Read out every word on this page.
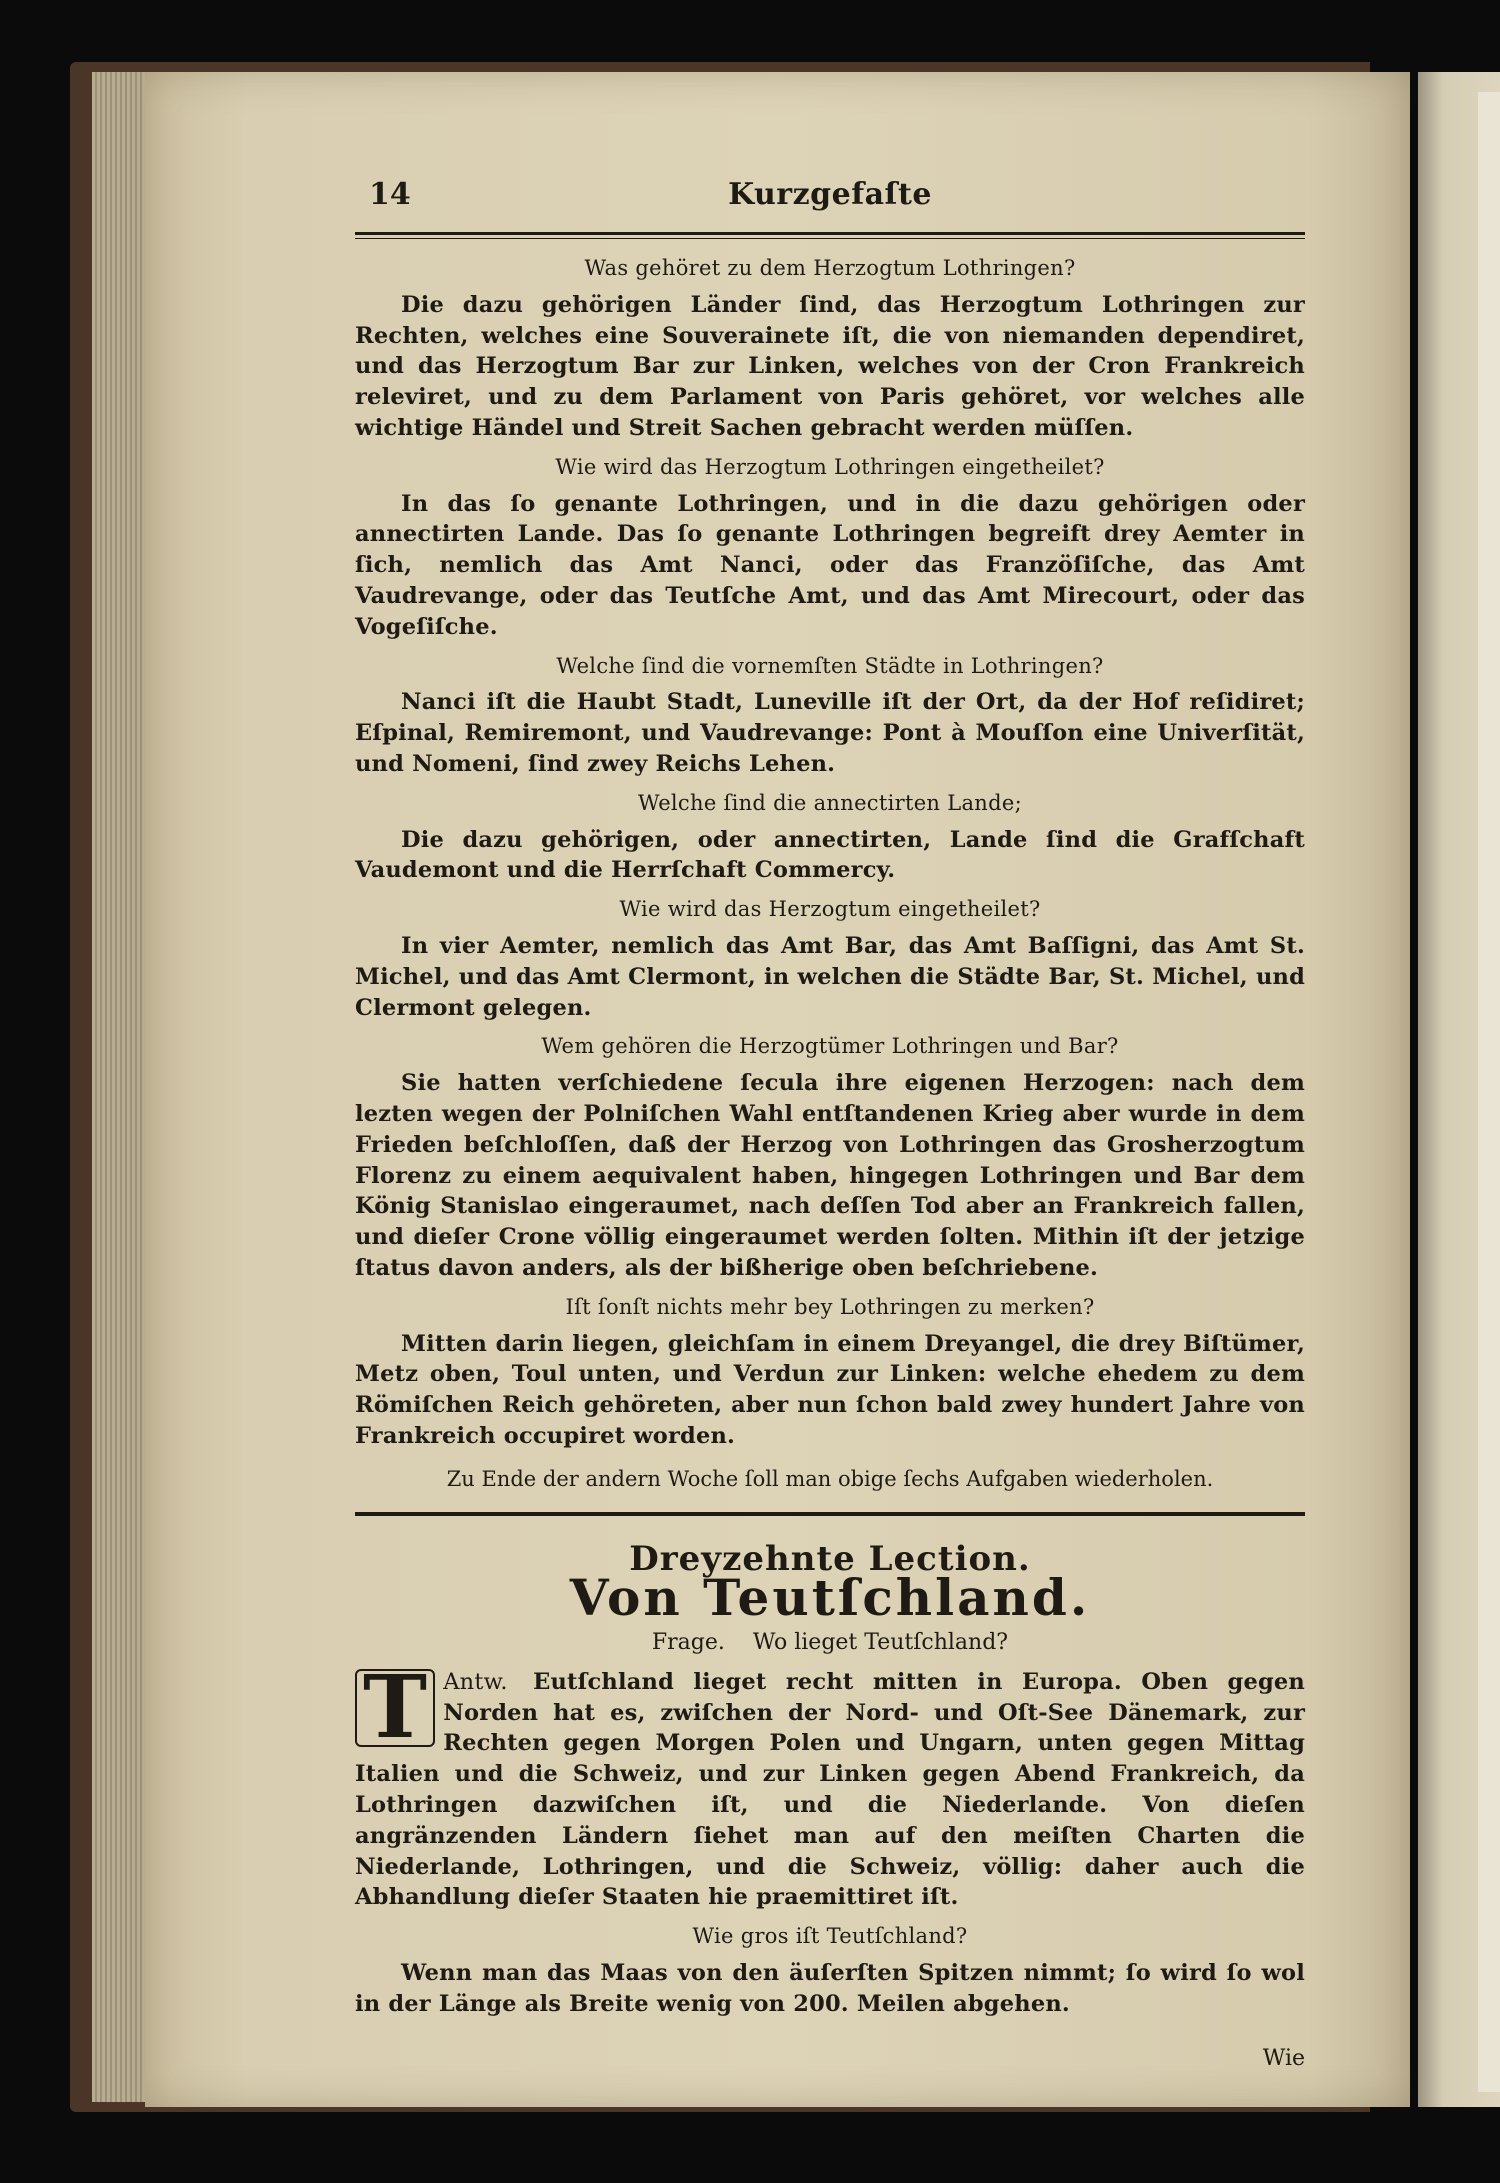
14	Kurzgefaſte
Was gehöret zu dem Herzogtum Lothringen?
Die dazu gehörigen Länder ſind, das Herzogtum Lothringen zur Rechten, welches eine Souverainete iſt, die von niemanden dependiret, und das Herzogtum Bar zur Linken, welches von der Cron Frankreich releviret, und zu dem Parlament von Paris gehöret, vor welches alle wichtige Händel und Streit Sachen gebracht werden müſſen.
Wie wird das Herzogtum Lothringen eingetheilet?
In das ſo genante Lothringen, und in die dazu gehörigen oder annectirten Lande. Das ſo genante Lothringen begreift drey Aemter in ſich, nemlich das Amt Nanci, oder das Franzöſiſche, das Amt Vaudrevange, oder das Teutſche Amt, und das Amt Mirecourt, oder das Vogeſiſche.
Welche ſind die vornemſten Städte in Lothringen?
Nanci iſt die Haubt Stadt, Luneville iſt der Ort, da der Hof reſidiret; Eſpinal, Remiremont, und Vaudrevange: Pont à Mouſſon eine Univerſität, und Nomeni, ſind zwey Reichs Lehen.
Welche ſind die annectirten Lande;
Die dazu gehörigen, oder annectirten, Lande ſind die Grafſchaft Vaudemont und die Herrſchaft Commercy.
Wie wird das Herzogtum eingetheilet?
In vier Aemter, nemlich das Amt Bar, das Amt Baſſigni, das Amt St. Michel, und das Amt Clermont, in welchen die Städte Bar, St. Michel, und Clermont gelegen.
Wem gehören die Herzogtümer Lothringen und Bar?
Sie hatten verſchiedene ſecula ihre eigenen Herzogen: nach dem lezten wegen der Polniſchen Wahl entſtandenen Krieg aber wurde in dem Frieden beſchloſſen, daß der Herzog von Lothringen das Grosherzogtum Florenz zu einem aequivalent haben, hingegen Lothringen und Bar dem König Stanislao eingeraumet, nach deſſen Tod aber an Frankreich fallen, und dieſer Crone völlig eingeraumet werden ſolten. Mithin iſt der jetzige ſtatus davon anders, als der bißherige oben beſchriebene.
Iſt ſonſt nichts mehr bey Lothringen zu merken?
Mitten darin liegen, gleichſam in einem Dreyangel, die drey Biſtümer, Metz oben, Toul unten, und Verdun zur Linken: welche ehedem zu dem Römiſchen Reich gehöreten, aber nun ſchon bald zwey hundert Jahre von Frankreich occupiret worden.
Zu Ende der andern Woche ſoll man obige ſechs Aufgaben wiederholen.
Dreyzehnte Lection.
Von Teutſchland.
Frage. Wo lieget Teutſchland?
Antw.
T	Eutſchland lieget recht mitten in Europa. Oben gegen Norden hat es, zwiſchen der Nord- und Oſt-See Dänemark, zur Rechten gegen Morgen Polen und Ungarn, unten gegen Mittag Italien und die Schweiz, und zur Linken gegen Abend Frankreich, da Lothringen dazwiſchen iſt, und die Niederlande. Von dieſen angränzenden Ländern ſiehet man auf den meiſten Charten die Niederlande, Lothringen, und die Schweiz, völlig: daher auch die Abhandlung dieſer Staaten hie praemittiret iſt.
Wie gros iſt Teutſchland?
Wenn man das Maas von den äuſerſten Spitzen nimmt; ſo wird ſo wol in der Länge als Breite wenig von 200. Meilen abgehen.
Wie
